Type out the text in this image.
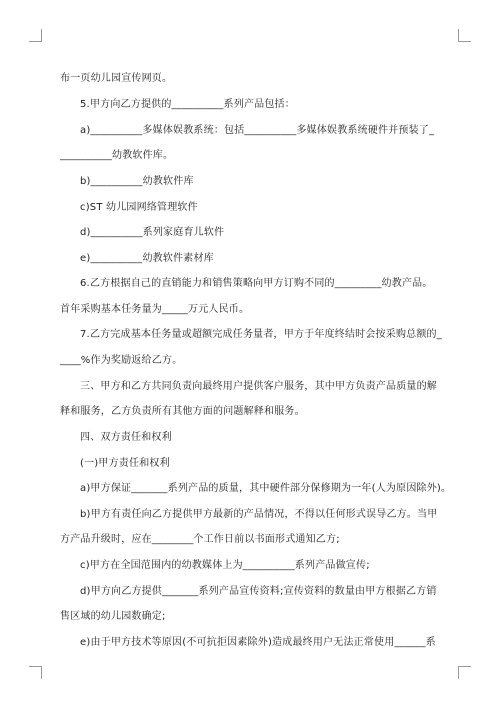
布一页幼儿园宣传网页。
5.甲方向乙方提供的__________系列产品包括：
a)__________多媒体娱教系统：包括__________多媒体娱教系统硬件并预装了_
__________幼教软件库。
b)__________幼教软件库
c)ST 幼儿园网络管理软件
d)__________系列家庭育儿软件
e)__________幼教软件素材库
6.乙方根据自己的直销能力和销售策略向甲方订购不同的_________幼教产品。
首年采购基本任务量为_____万元人民币。
7.乙方完成基本任务量或超额完成任务量者，甲方于年度终结时会按采购总额的_
____%作为奖励返给乙方。
三、甲方和乙方共同负责向最终用户提供客户服务，其中甲方负责产品质量的解
释和服务，乙方负责所有其他方面的问题解释和服务。
四、双方责任和权利
(一)甲方责任和权利
a)甲方保证_______系列产品的质量，其中硬件部分保修期为一年(人为原因除外)。
b)甲方有责任向乙方提供甲方最新的产品情况，不得以任何形式误导乙方。当甲
方产品升级时，应在________个工作日前以书面形式通知乙方;
c)甲方在全国范围内的幼教媒体上为__________系列产品做宣传;
d)甲方向乙方提供_______系列产品宣传资料;宣传资料的数量由甲方根据乙方销
售区域的幼儿园数确定;
e)由于甲方技术等原因(不可抗拒因素除外)造成最终用户无法正常使用______系
